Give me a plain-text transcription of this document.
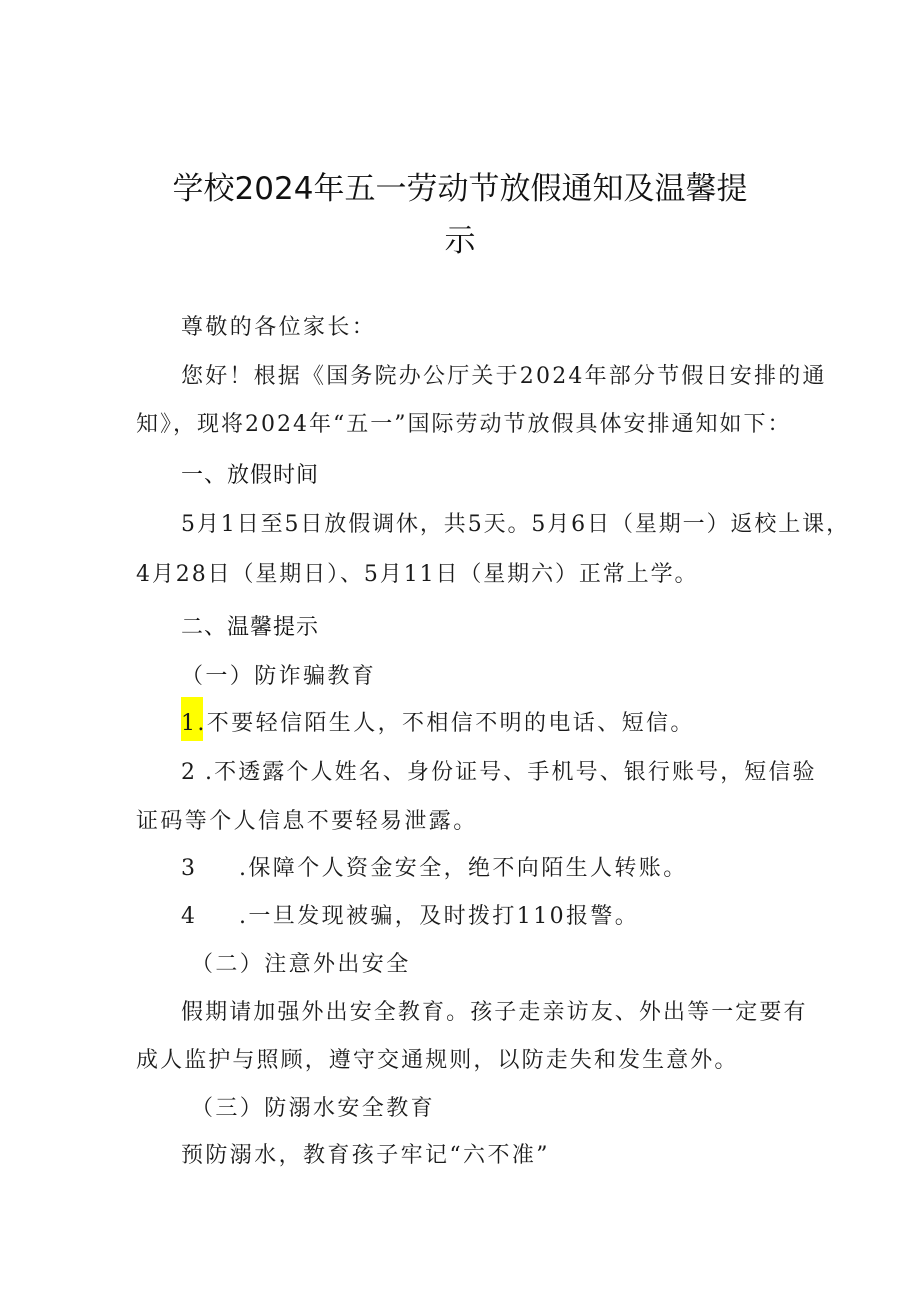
学校2024年五一劳动节放假通知及温馨提
示
尊敬的各位家长：
您好！根据《国务院办公厅关于2024年部分节假日安排的通
知》，现将2024年“五一”国际劳动节放假具体安排通知如下：
一、放假时间
5月1日至5日放假调休，共5天。5月6日（星期一）返校上课，
4月28日（星期日）、5月11日（星期六）正常上学。
二、温馨提示
（一）防诈骗教育
1.不要轻信陌生人，不相信不明的电话、短信。
2 .不透露个人姓名、身份证号、手机号、银行账号，短信验
证码等个人信息不要轻易泄露。
3 .保障个人资金安全，绝不向陌生人转账。
4 .一旦发现被骗，及时拨打110报警。
（二）注意外出安全
假期请加强外出安全教育。孩子走亲访友、外出等一定要有
成人监护与照顾，遵守交通规则，以防走失和发生意外。
（三）防溺水安全教育
预防溺水，教育孩子牢记“六不准”
